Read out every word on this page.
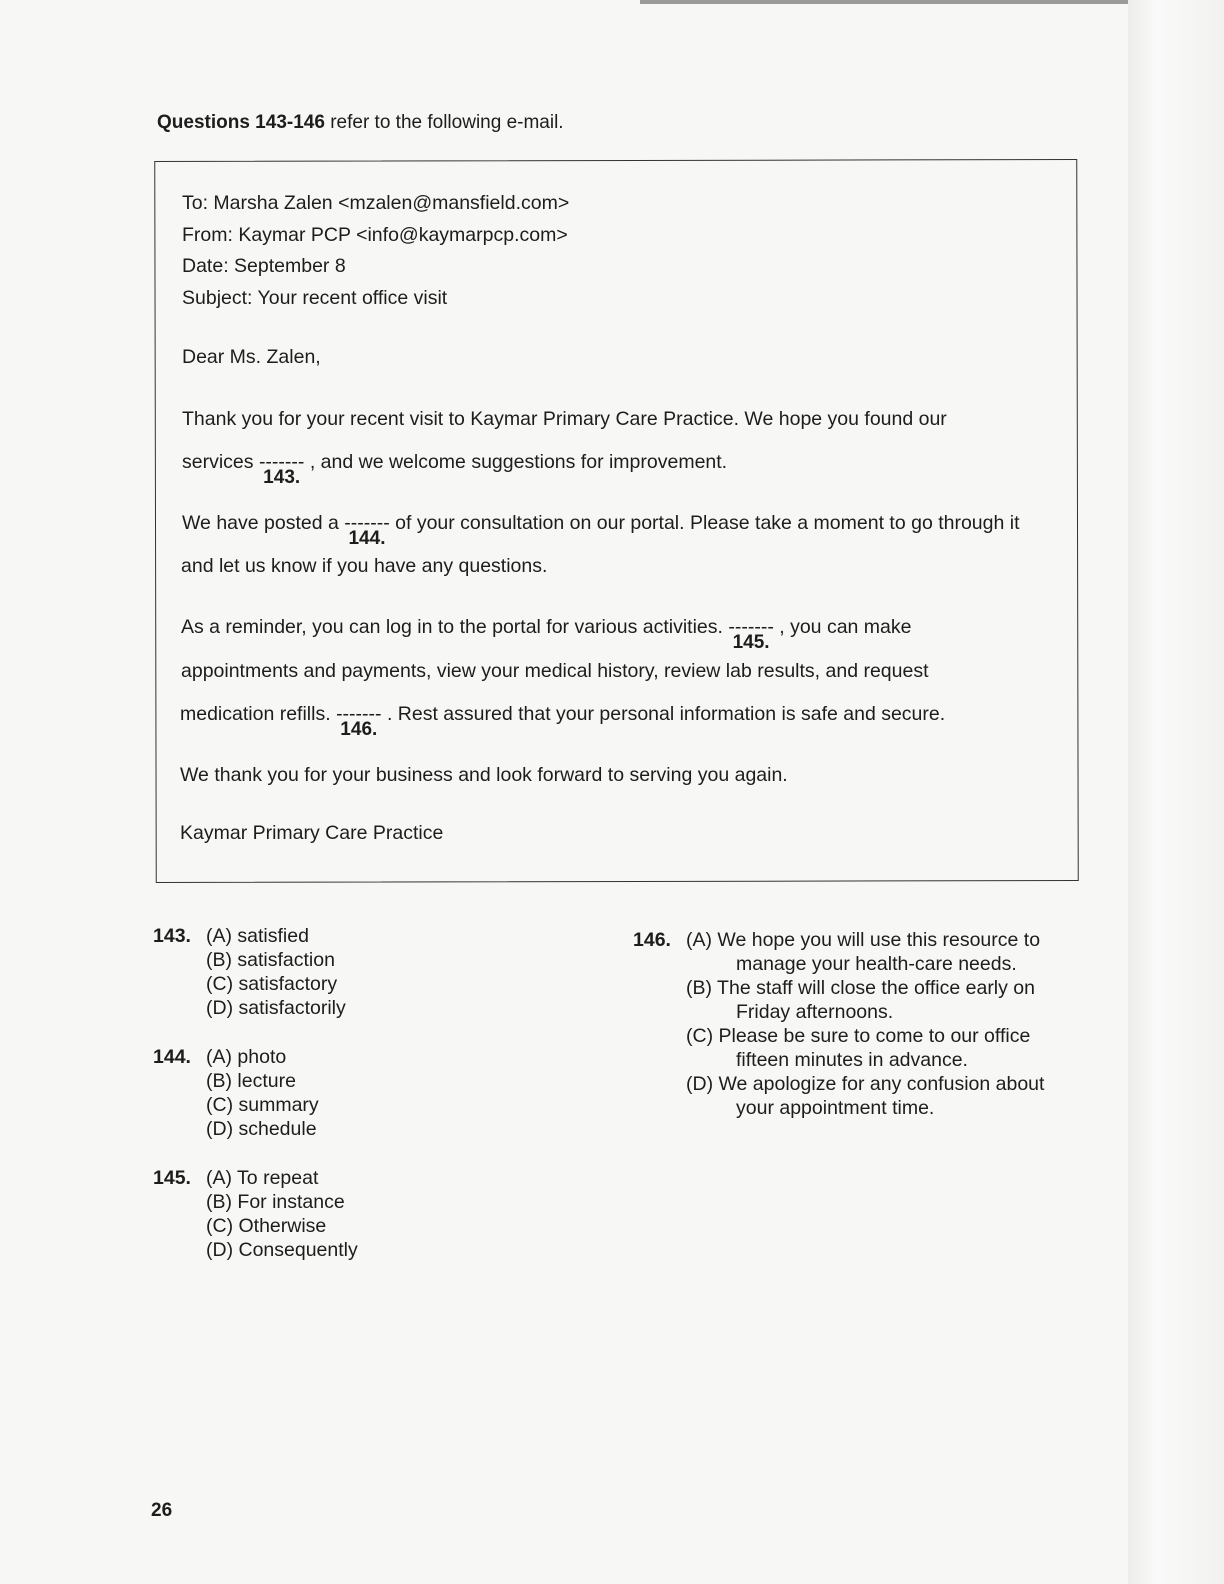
Questions 143-146 refer to the following e-mail.
To: Marsha Zalen <mzalen@mansfield.com>
From: Kaymar PCP <info@kaymarpcp.com>
Date: September 8
Subject: Your recent office visit
Dear Ms. Zalen,
Thank you for your recent visit to Kaymar Primary Care Practice. We hope you found our
services -------
143.
, and we welcome suggestions for improvement.
We have posted a -------
144.
of your consultation on our portal. Please take a moment to go through it
and let us know if you have any questions.
As a reminder, you can log in to the portal for various activities. -------
145.
, you can make
appointments and payments, view your medical history, review lab results, and request
medication refills. -------
146.
. Rest assured that your personal information is safe and secure.
We thank you for your business and look forward to serving you again.
Kaymar Primary Care Practice
143. (A) satisfied
(B) satisfaction
(C) satisfactory
(D) satisfactorily
144. (A) photo
(B) lecture
(C) summary
(D) schedule
145. (A) To repeat
(B) For instance
(C) Otherwise
(D) Consequently
146. (A) We hope you will use this resource to
manage your health-care needs.
(B) The staff will close the office early on
Friday afternoons.
(C) Please be sure to come to our office
fifteen minutes in advance.
(D) We apologize for any confusion about
your appointment time.
26
